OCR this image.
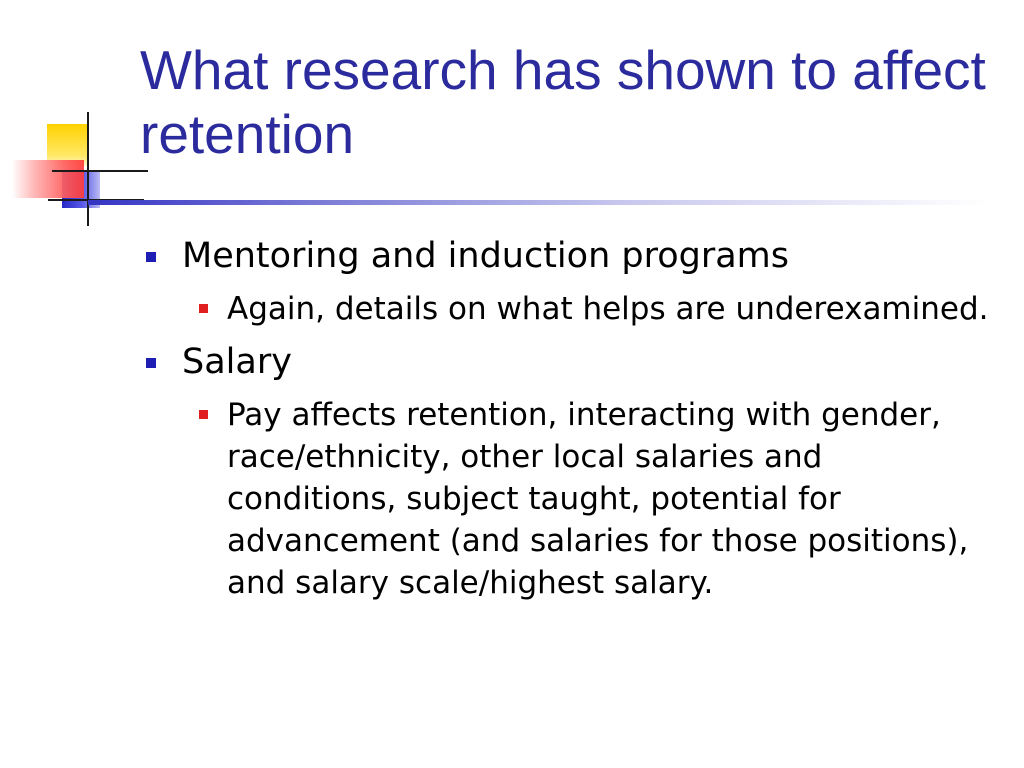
What research has shown to affect retention
Mentoring and induction programs
Again, details on what helps are underexamined.
Salary
Pay affects retention, interacting with gender, race/ethnicity, other local salaries and conditions, subject taught, potential for advancement (and salaries for those positions), and salary scale/highest salary.
